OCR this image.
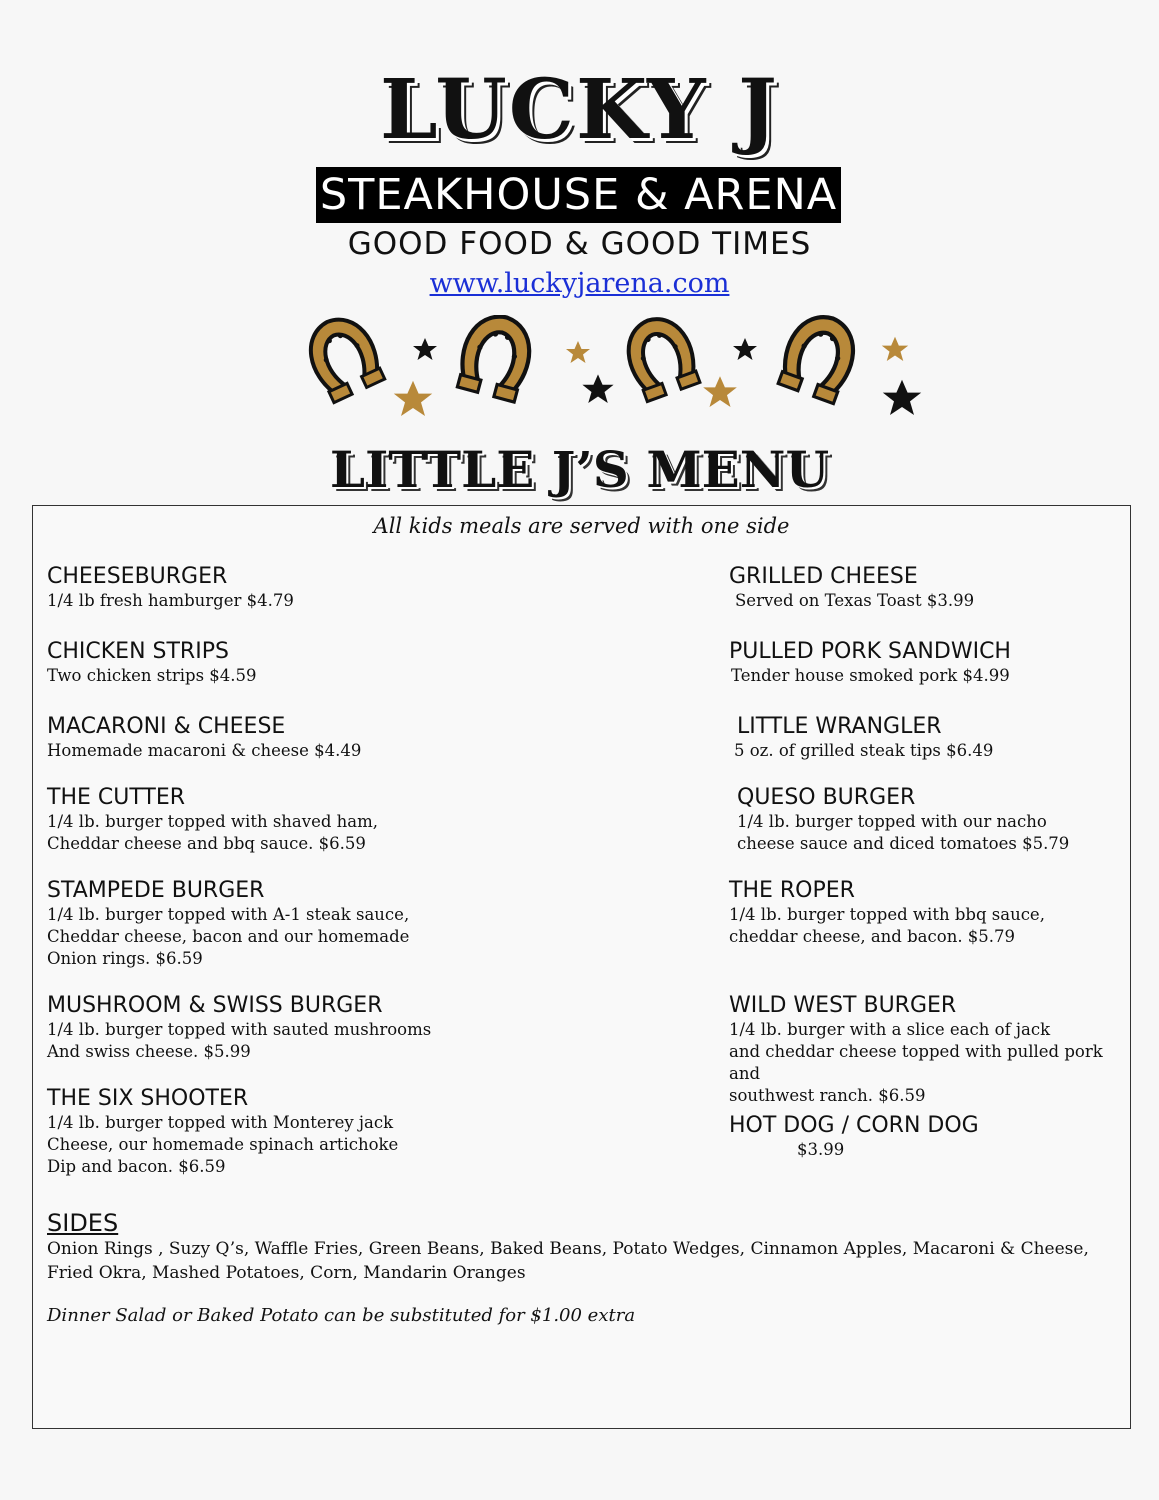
LUCKY J
STEAKHOUSE & ARENA
GOOD FOOD & GOOD TIMES
www.luckyjarena.com
LITTLE J’S MENU
All kids meals are served with one side
CHEESEBURGER
1/4 lb fresh hamburger $4.79
CHICKEN STRIPS
Two chicken strips $4.59
MACARONI & CHEESE
Homemade macaroni & cheese $4.49
THE CUTTER
1/4 lb. burger topped with shaved ham,
Cheddar cheese and bbq sauce. $6.59
STAMPEDE BURGER
1/4 lb. burger topped with A-1 steak sauce,
Cheddar cheese, bacon and our homemade
Onion rings. $6.59
MUSHROOM & SWISS BURGER
1/4 lb. burger topped with sauted mushrooms
And swiss cheese. $5.99
THE SIX SHOOTER
1/4 lb. burger topped with Monterey jack
Cheese, our homemade spinach artichoke
Dip and bacon. $6.59
GRILLED CHEESE
Served on Texas Toast $3.99
PULLED PORK SANDWICH
Tender house smoked pork $4.99
LITTLE WRANGLER
5 oz. of grilled steak tips $6.49
QUESO BURGER
1/4 lb. burger topped with our nacho
cheese sauce and diced tomatoes $5.79
THE ROPER
1/4 lb. burger topped with bbq sauce,
cheddar cheese, and bacon. $5.79
WILD WEST BURGER
1/4 lb. burger with a slice each of jack
and cheddar cheese topped with pulled pork and
southwest ranch. $6.59
HOT DOG / CORN DOG
$3.99
SIDES
Onion Rings , Suzy Q’s, Waffle Fries, Green Beans, Baked Beans, Potato Wedges, Cinnamon Apples, Macaroni & Cheese, Fried Okra, Mashed Potatoes, Corn, Mandarin Oranges
Dinner Salad or Baked Potato can be substituted for $1.00 extra
